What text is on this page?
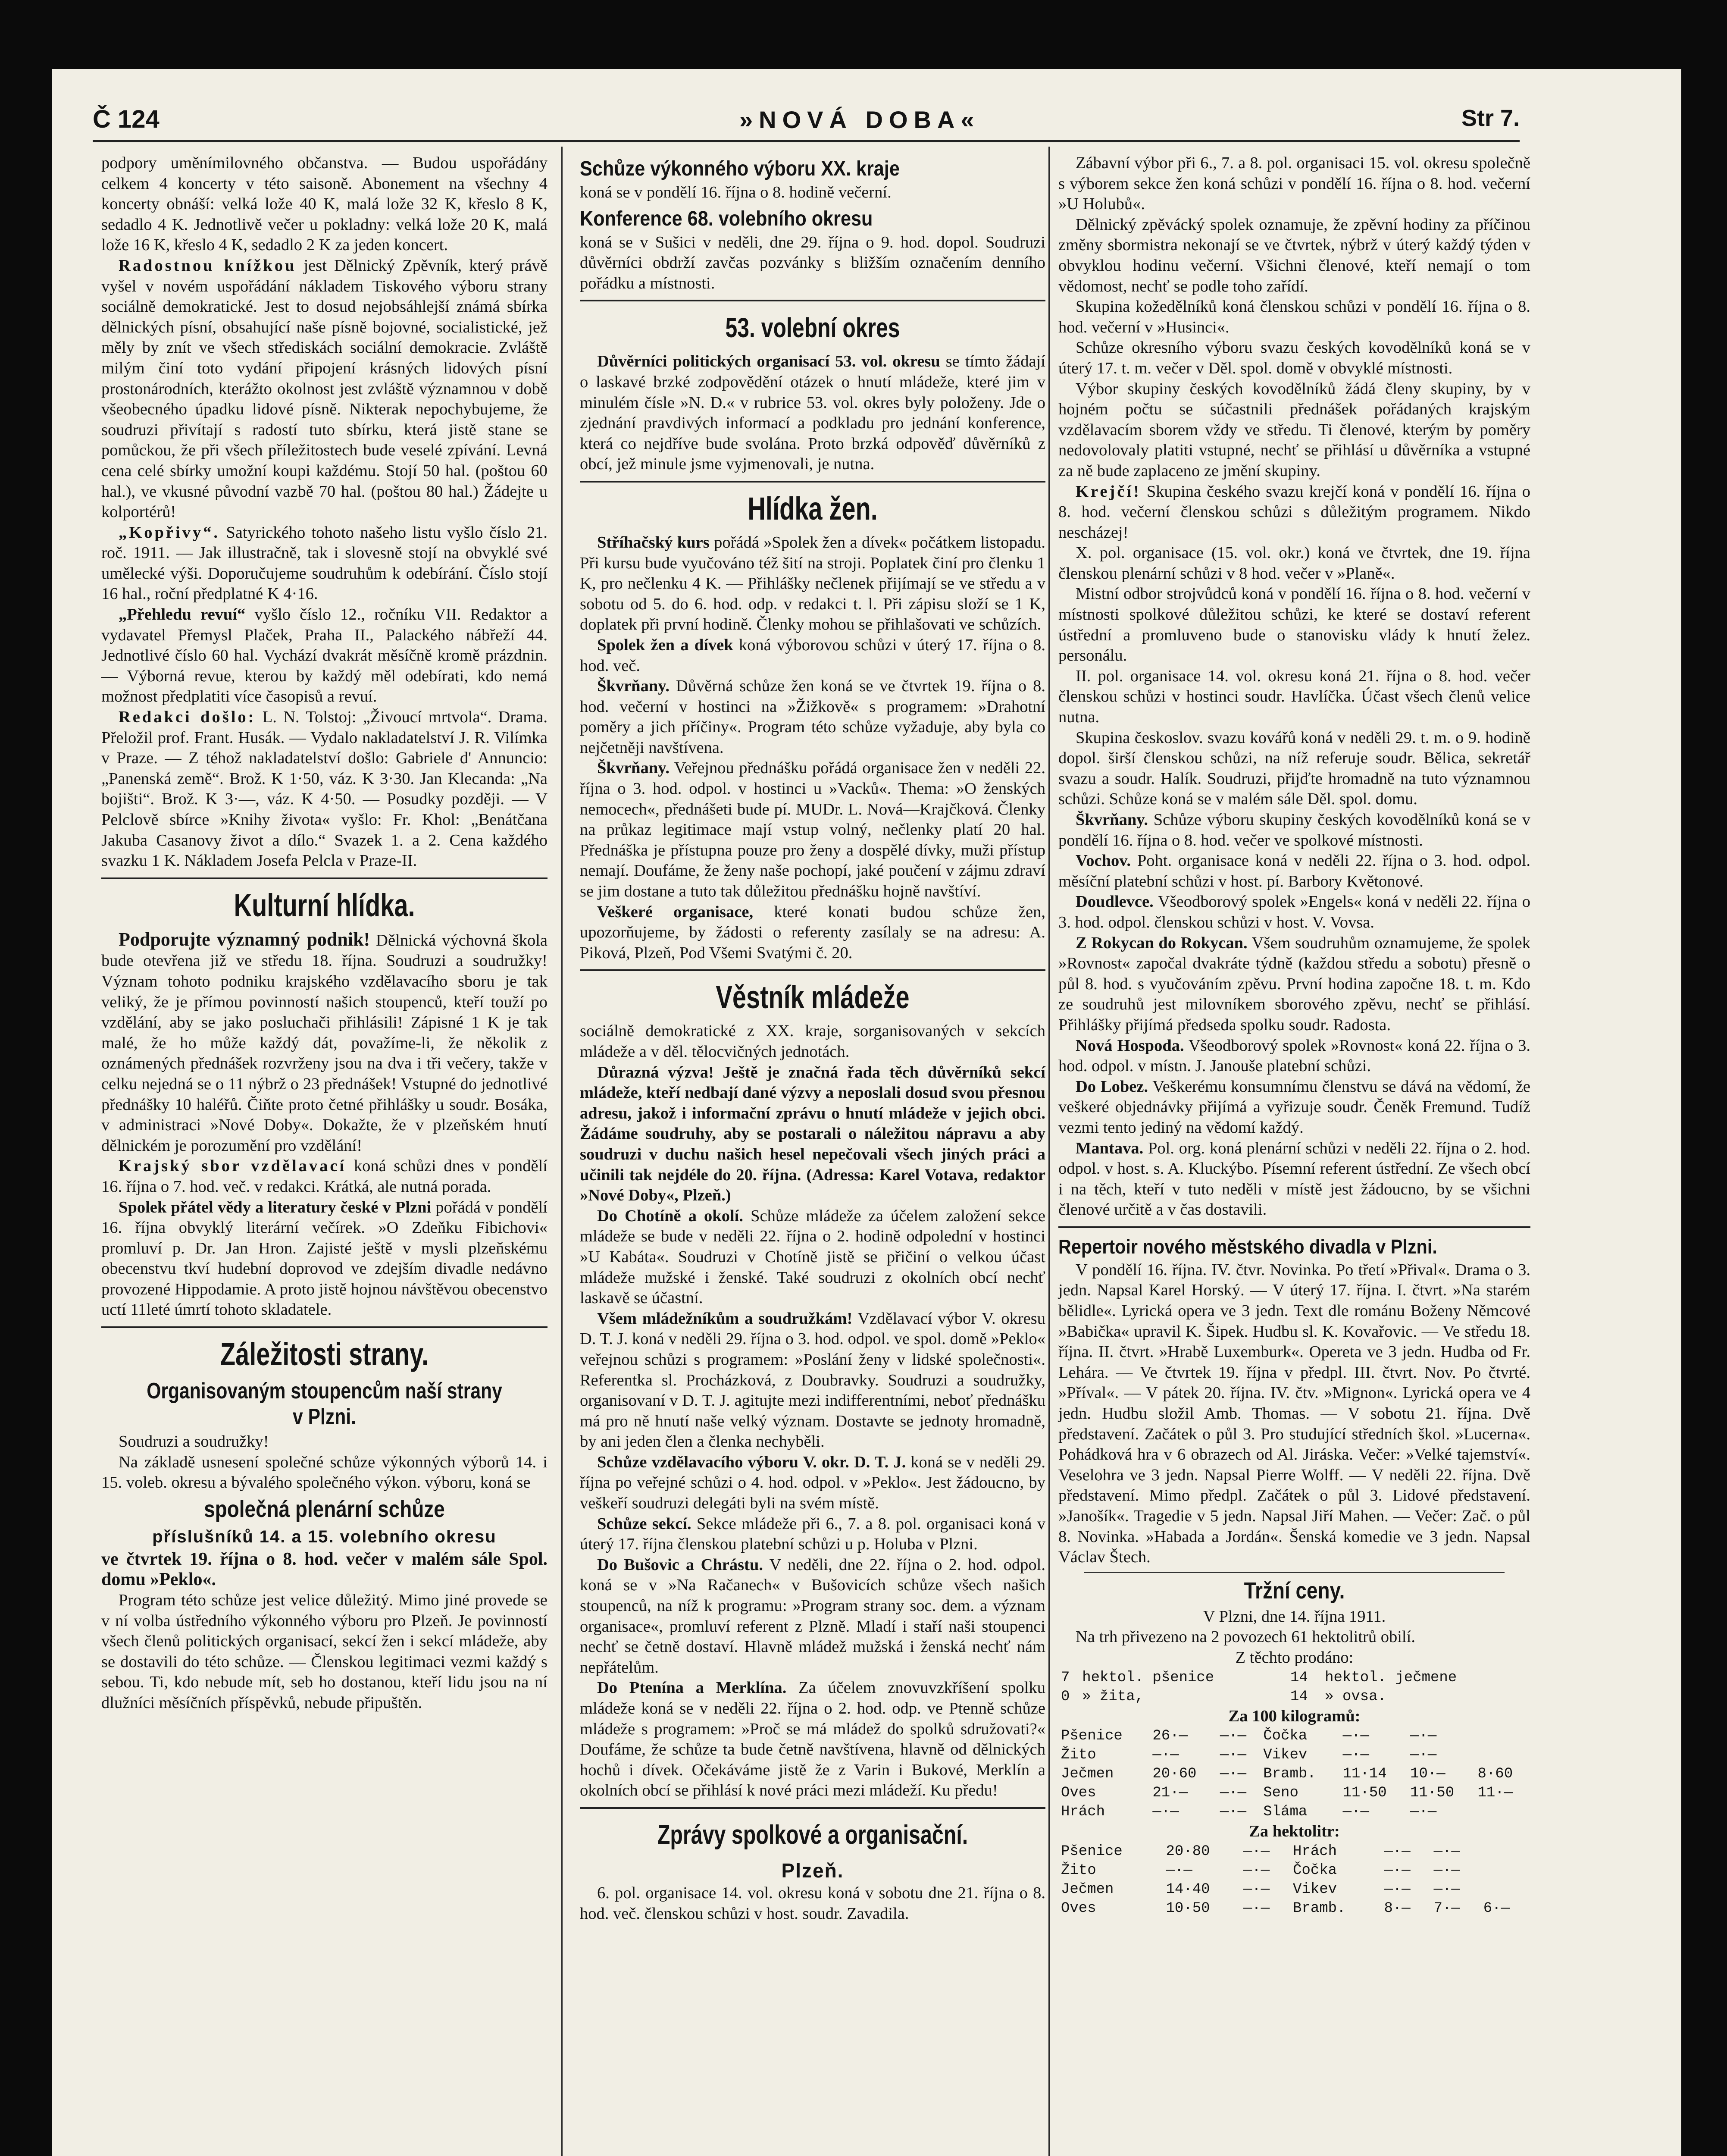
Č 124	»NOVÁ DOBA«	Str 7.

podpory uměnímilovného občanstva. — Budou uspořádány celkem 4 koncerty v této saisoně. Abonement na všechny 4 koncerty obnáší: velká lože 40 K, malá lože 32 K, křeslo 8 K, sedadlo 4 K. Jednotlivě večer u pokladny: velká lože 20 K, malá lože 16 K, křeslo 4 K, sedadlo 2 K za jeden koncert.

Radostnou knížkou jest Dělnický Zpěvník, který právě vyšel v novém uspořádání nákladem Tiskového výboru strany sociálně demokratické. Jest to dosud nejobsáhlejší známá sbírka dělnických písní, obsahující naše písně bojovné, socialistické, jež měly by znít ve všech střediskách sociální demokracie. Zvláště milým činí toto vydání připojení krásných lidových písní prostonárodních, kterážto okolnost jest zvláště významnou v době všeobecného úpadku lidové písně. Nikterak nepochybujeme, že soudruzi přivítají s radostí tuto sbírku, která jistě stane se pomůckou, že při všech příležitostech bude veselé zpívání. Levná cena celé sbírky umožní koupi každému. Stojí 50 hal. (poštou 60 hal.), ve vkusné původní vazbě 70 hal. (poštou 80 hal.) Žádejte u kolportérů!

„Kopřivy“. Satyrického tohoto našeho listu vyšlo číslo 21. roč. 1911. — Jak illustračně, tak i slovesně stojí na obvyklé své umělecké výši. Doporučujeme soudruhům k odebírání. Číslo stojí 16 hal., roční předplatné K 4·16.

„Přehledu revuí“ vyšlo číslo 12., ročníku VII. Redaktor a vydavatel Přemysl Plaček, Praha II., Palackého nábřeží 44. Jednotlivé číslo 60 hal. Vychází dvakrát měsíčně kromě prázdnin. — Výborná revue, kterou by každý měl odebírati, kdo nemá možnost předplatiti více časopisů a revuí.

Redakci došlo: L. N. Tolstoj: „Živoucí mrtvola“. Drama. Přeložil prof. Frant. Husák. — Vydalo nakladatelství J. R. Vilímka v Praze. — Z téhož nakladatelství došlo: Gabriele d' Annuncio: „Panenská země“. Brož. K 1·50, váz. K 3·30. Jan Klecanda: „Na bojišti“. Brož. K 3·—, váz. K 4·50. — Posudky později. — V Pelclově sbírce »Knihy života« vyšlo: Fr. Khol: „Benátčana Jakuba Casanovy život a dílo.“ Svazek 1. a 2. Cena každého svazku 1 K. Nákladem Josefa Pelcla v Praze-II.

Kulturní hlídka.

Podporujte významný podnik! Dělnická výchovná škola bude otevřena již ve středu 18. října. Soudruzi a soudružky! Význam tohoto podniku krajského vzdělavacího sboru je tak veliký, že je přímou povinností našich stoupenců, kteří touží po vzdělání, aby se jako posluchači přihlásili! Zápisné 1 K je tak malé, že ho může každý dát, považíme-li, že několik z oznámených přednášek rozvrženy jsou na dva i tři večery, takže v celku nejedná se o 11 nýbrž o 23 přednášek! Vstupné do jednotlivé přednášky 10 haléřů. Čiňte proto četné přihlášky u soudr. Bosáka, v administraci »Nové Doby«. Dokažte, že v plzeňském hnutí dělnickém je porozumění pro vzdělání!

Krajský sbor vzdělavací koná schůzi dnes v pondělí 16. října o 7. hod. več. v redakci. Krátká, ale nutná porada.

Spolek přátel vědy a literatury české v Plzni pořádá v pondělí 16. října obvyklý literární večírek. »O Zdeňku Fibichovi« promluví p. Dr. Jan Hron. Zajisté ještě v mysli plzeňskému obecenstvu tkví hudební doprovod ve zdejším divadle nedávno provozené Hippodamie. A proto jistě hojnou návštěvou obecenstvo uctí 11leté úmrtí tohoto skladatele.

Záležitosti strany.
Organisovaným stoupencům naší strany v Plzni.

Soudruzi a soudružky!

Na základě usnesení společné schůze výkonných výborů 14. i 15. voleb. okresu a bývalého společného výkon. výboru, koná se

společná plenární schůze
příslušníků 14. a 15. volebního okresu

ve čtvrtek 19. října o 8. hod. večer v malém sále Spol. domu »Peklo«.

Program této schůze jest velice důležitý. Mimo jiné provede se v ní volba ústředního výkonného výboru pro Plzeň. Je povinností všech členů politických organisací, sekcí žen i sekcí mládeže, aby se dostavili do této schůze. — Členskou legitimaci vezmi každý s sebou. Ti, kdo nebude mít, seb ho dostanou, kteří lidu jsou na ní dlužníci měsíčních příspěvků, nebude připuštěn.

Schůze výkonného výboru XX. kraje

koná se v pondělí 16. října o 8. hodině večerní.

Konference 68. volebního okresu

koná se v Sušici v neděli, dne 29. října o 9. hod. dopol. Soudruzi důvěrníci obdrží zavčas pozvánky s bližším označením denního pořádku a místnosti.

53. volební okres

Důvěrníci politických organisací 53. vol. okresu se tímto žádají o laskavé brzké zodpovědění otázek o hnutí mládeže, které jim v minulém čísle »N. D.« v rubrice 53. vol. okres byly položeny. Jde o zjednání pravdivých informací a podkladu pro jednání konference, která co nejdříve bude svolána. Proto brzká odpověď důvěrníků z obcí, jež minule jsme vyjmenovali, je nutna.

Hlídka žen.

Stříhačský kurs pořádá »Spolek žen a dívek« počátkem listopadu. Při kursu bude vyučováno též šití na stroji. Poplatek činí pro členku 1 K, pro nečlenku 4 K. — Přihlášky nečlenek přijímají se ve středu a v sobotu od 5. do 6. hod. odp. v redakci t. l. Při zápisu složí se 1 K, doplatek při první hodině. Členky mohou se přihlašovati ve schůzích.

Spolek žen a dívek koná výborovou schůzi v úterý 17. října o 8. hod. več.

Škvrňany. Důvěrná schůze žen koná se ve čtvrtek 19. října o 8. hod. večerní v hostinci na »Žižkově« s programem: »Drahotní poměry a jich příčiny«. Program této schůze vyžaduje, aby byla co nejčetněji navštívena.

Škvrňany. Veřejnou přednášku pořádá organisace žen v neděli 22. října o 3. hod. odpol. v hostinci u »Vacků«. Thema: »O ženských nemocech«, přednášeti bude pí. MUDr. L. Nová—Krajčková. Členky na průkaz legitimace mají vstup volný, nečlenky platí 20 hal. Přednáška je přístupna pouze pro ženy a dospělé dívky, muži přístup nemají. Doufáme, že ženy naše pochopí, jaké poučení v zájmu zdraví se jim dostane a tuto tak důležitou přednášku hojně navštíví.

Veškeré organisace, které konati budou schůze žen, upozorňujeme, by žádosti o referenty zasílaly se na adresu: A. Piková, Plzeň, Pod Všemi Svatými č. 20.

Věstník mládeže

sociálně demokratické z XX. kraje, sorganisovaných v sekcích mládeže a v děl. tělocvičných jednotách.

Důrazná výzva! Ještě je značná řada těch důvěrníků sekcí mládeže, kteří nedbají dané výzvy a neposlali dosud svou přesnou adresu, jakož i informační zprávu o hnutí mládeže v jejich obci. Žádáme soudruhy, aby se postarali o náležitou nápravu a aby soudruzi v duchu našich hesel nepečovali všech jiných práci a učinili tak nejdéle do 20. října. (Adressa: Karel Votava, redaktor »Nové Doby«, Plzeň.)

Do Chotíně a okolí. Schůze mládeže za účelem založení sekce mládeže se bude v neděli 22. října o 2. hodině odpolední v hostinci »U Kabáta«. Soudruzi v Chotíně jistě se přičiní o velkou účast mládeže mužské i ženské. Také soudruzi z okolních obcí nechť laskavě se účastní.

Všem mládežníkům a soudružkám! Vzdělavací výbor V. okresu D. T. J. koná v neděli 29. října o 3. hod. odpol. ve spol. domě »Peklo« veřejnou schůzi s programem: »Poslání ženy v lidské společnosti«. Referentka sl. Procházková, z Doubravky. Soudruzi a soudružky, organisovaní v D. T. J. agitujte mezi indifferentními, neboť přednášku má pro ně hnutí naše velký význam. Dostavte se jednoty hromadně, by ani jeden člen a členka nechyběli.

Schůze vzdělavacího výboru V. okr. D. T. J. koná se v neděli 29. října po veřejné schůzi o 4. hod. odpol. v »Peklo«. Jest žádoucno, by veškeří soudruzi delegáti byli na svém místě.

Schůze sekcí. Sekce mládeže při 6., 7. a 8. pol. organisaci koná v úterý 17. října členskou platební schůzi u p. Holuba v Plzni.

Do Bušovic a Chrástu. V neděli, dne 22. října o 2. hod. odpol. koná se v »Na Račanech« v Bušovicích schůze všech našich stoupenců, na níž k programu: »Program strany soc. dem. a význam organisace«, promluví referent z Plzně. Mladí i staří naši stoupenci nechť se četně dostaví. Hlavně mládež mužská i ženská nechť nám nepřátelům.

Do Ptenína a Merklína. Za účelem znovuvzkříšení spolku mládeže koná se v neděli 22. října o 2. hod. odp. ve Ptenně schůze mládeže s programem: »Proč se má mládež do spolků sdružovati?« Doufáme, že schůze ta bude četně navštívena, hlavně od dělnických hochů i dívek. Očekáváme jistě že z Varin i Bukové, Merklín a okolních obcí se přihlásí k nové práci mezi mládeží. Ku předu!

Zprávy spolkové a organisační.
Plzeň.

6. pol. organisace 14. vol. okresu koná v sobotu dne 21. října o 8. hod. več. členskou schůzi v host. soudr. Zavadila.

Zábavní výbor při 6., 7. a 8. pol. organisaci 15. vol. okresu společně s výborem sekce žen koná schůzi v pondělí 16. října o 8. hod. večerní »U Holubů«.

Dělnický zpěvácký spolek oznamuje, že zpěvní hodiny za příčinou změny sbormistra nekonají se ve čtvrtek, nýbrž v úterý každý týden v obvyklou hodinu večerní. Všichni členové, kteří nemají o tom vědomost, nechť se podle toho zařídí.

Skupina kožedělníků koná členskou schůzi v pondělí 16. října o 8. hod. večerní v »Husinci«.

Schůze okresního výboru svazu českých kovodělníků koná se v úterý 17. t. m. večer v Děl. spol. domě v obvyklé místnosti.

Výbor skupiny českých kovodělníků žádá členy skupiny, by v hojném počtu se súčastnili přednášek pořádaných krajským vzdělavacím sborem vždy ve středu. Ti členové, kterým by poměry nedovolovaly platiti vstupné, nechť se přihlásí u důvěrníka a vstupné za ně bude zaplaceno ze jmění skupiny.

Krejčí! Skupina českého svazu krejčí koná v pondělí 16. října o 8. hod. večerní členskou schůzi s důležitým programem. Nikdo nescházej!

X. pol. organisace (15. vol. okr.) koná ve čtvrtek, dne 19. října členskou plenární schůzi v 8 hod. večer v »Planě«.

Mistní odbor strojvůdců koná v pondělí 16. října o 8. hod. večerní v místnosti spolkové důležitou schůzi, ke které se dostaví referent ústřední a promluveno bude o stanovisku vlády k hnutí želez. personálu.

II. pol. organisace 14. vol. okresu koná 21. října o 8. hod. večer členskou schůzi v hostinci soudr. Havlíčka. Účast všech členů velice nutna.

Skupina českoslov. svazu kovářů koná v neděli 29. t. m. o 9. hodině dopol. širší členskou schůzi, na níž referuje soudr. Bělica, sekretář svazu a soudr. Halík. Soudruzi, přijďte hromadně na tuto významnou schůzi. Schůze koná se v malém sále Děl. spol. domu.

Škvrňany. Schůze výboru skupiny českých kovodělníků koná se v pondělí 16. října o 8. hod. večer ve spolkové místnosti.

Vochov. Poht. organisace koná v neděli 22. října o 3. hod. odpol. měsíční platební schůzi v host. pí. Barbory Květonové.

Doudlevce. Všeodborový spolek »Engels« koná v neděli 22. října o 3. hod. odpol. členskou schůzi v host. V. Vovsa.

Z Rokycan do Rokycan. Všem soudruhům oznamujeme, že spolek »Rovnost« započal dvakráte týdně (každou středu a sobotu) přesně o půl 8. hod. s vyučováním zpěvu. První hodina započne 18. t. m. Kdo ze soudruhů jest milovníkem sborového zpěvu, nechť se přihlásí. Přihlášky přijímá předseda spolku soudr. Radosta.

Nová Hospoda. Všeodborový spolek »Rovnost« koná 22. října o 3. hod. odpol. v místn. J. Janouše platební schůzi.

Do Lobez. Veškerému konsumnímu členstvu se dává na vědomí, že veškeré objednávky přijímá a vyřizuje soudr. Čeněk Fremund. Tudíž vezmi tento jediný na vědomí každý.

Mantava. Pol. org. koná plenární schůzi v neděli 22. října o 2. hod. odpol. v host. s. A. Kluckýbo. Písemní referent ústřední. Ze všech obcí i na těch, kteří v tuto neděli v místě jest žádoucno, by se všichni členové určitě a v čas dostavili.

Repertoir nového městského divadla v Plzni.

V pondělí 16. října. IV. čtvr. Novinka. Po třetí »Přival«. Drama o 3. jedn. Napsal Karel Horský. — V úterý 17. října. I. čtvrt. »Na starém bělidle«. Lyrická opera ve 3 jedn. Text dle románu Boženy Němcové »Babička« upravil K. Šipek. Hudbu sl. K. Kovařovic. — Ve středu 18. října. II. čtvrt. »Hrabě Luxemburk«. Opereta ve 3 jedn. Hudba od Fr. Lehára. — Ve čtvrtek 19. října v předpl. III. čtvrt. Nov. Po čtvrté. »Příval«. — V pátek 20. října. IV. čtv. »Mignon«. Lyrická opera ve 4 jedn. Hudbu složil Amb. Thomas. — V sobotu 21. října. Dvě představení. Začátek o půl 3. Pro studující středních škol. »Lucerna«. Pohádková hra v 6 obrazech od Al. Jiráska. Večer: »Velké tajemství«. Veselohra ve 3 jedn. Napsal Pierre Wolff. — V neděli 22. října. Dvě představení. Mimo předpl. Začátek o půl 3. Lidové představení. »Janošík«. Tragedie v 5 jedn. Napsal Jiří Mahen. — Večer: Zač. o půl 8. Novinka. »Habada a Jordán«. Šenská komedie ve 3 jedn. Napsal Václav Štech.

Tržní ceny.

V Plzni, dne 14. října 1911.

Na trh přivezeno na 2 povozech 61 hektolitrů obilí.

Z těchto prodáno:

7	hektol. pšenice	14	hektol. ječmene
0	» žita,	14	» ovsa.

Za 100 kilogramů:

Pšenice	26·—	—·—	Čočka	—·—	—·—	
Žito	—·—	—·—	Vikev	—·—	—·—	
Ječmen	20·60	—·—	Bramb.	11·14	10·—	8·60
Oves	21·—	—·—	Seno	11·50	11·50	11·—
Hrách	—·—	—·—	Sláma	—·—	—·—	

Za hektolitr:

Pšenice	20·80	—·—	Hrách	—·—	—·—	
Žito	—·—	—·—	Čočka	—·—	—·—	
Ječmen	14·40	—·—	Vikev	—·—	—·—	
Oves	10·50	—·—	Bramb.	8·—	7·—	6·—
